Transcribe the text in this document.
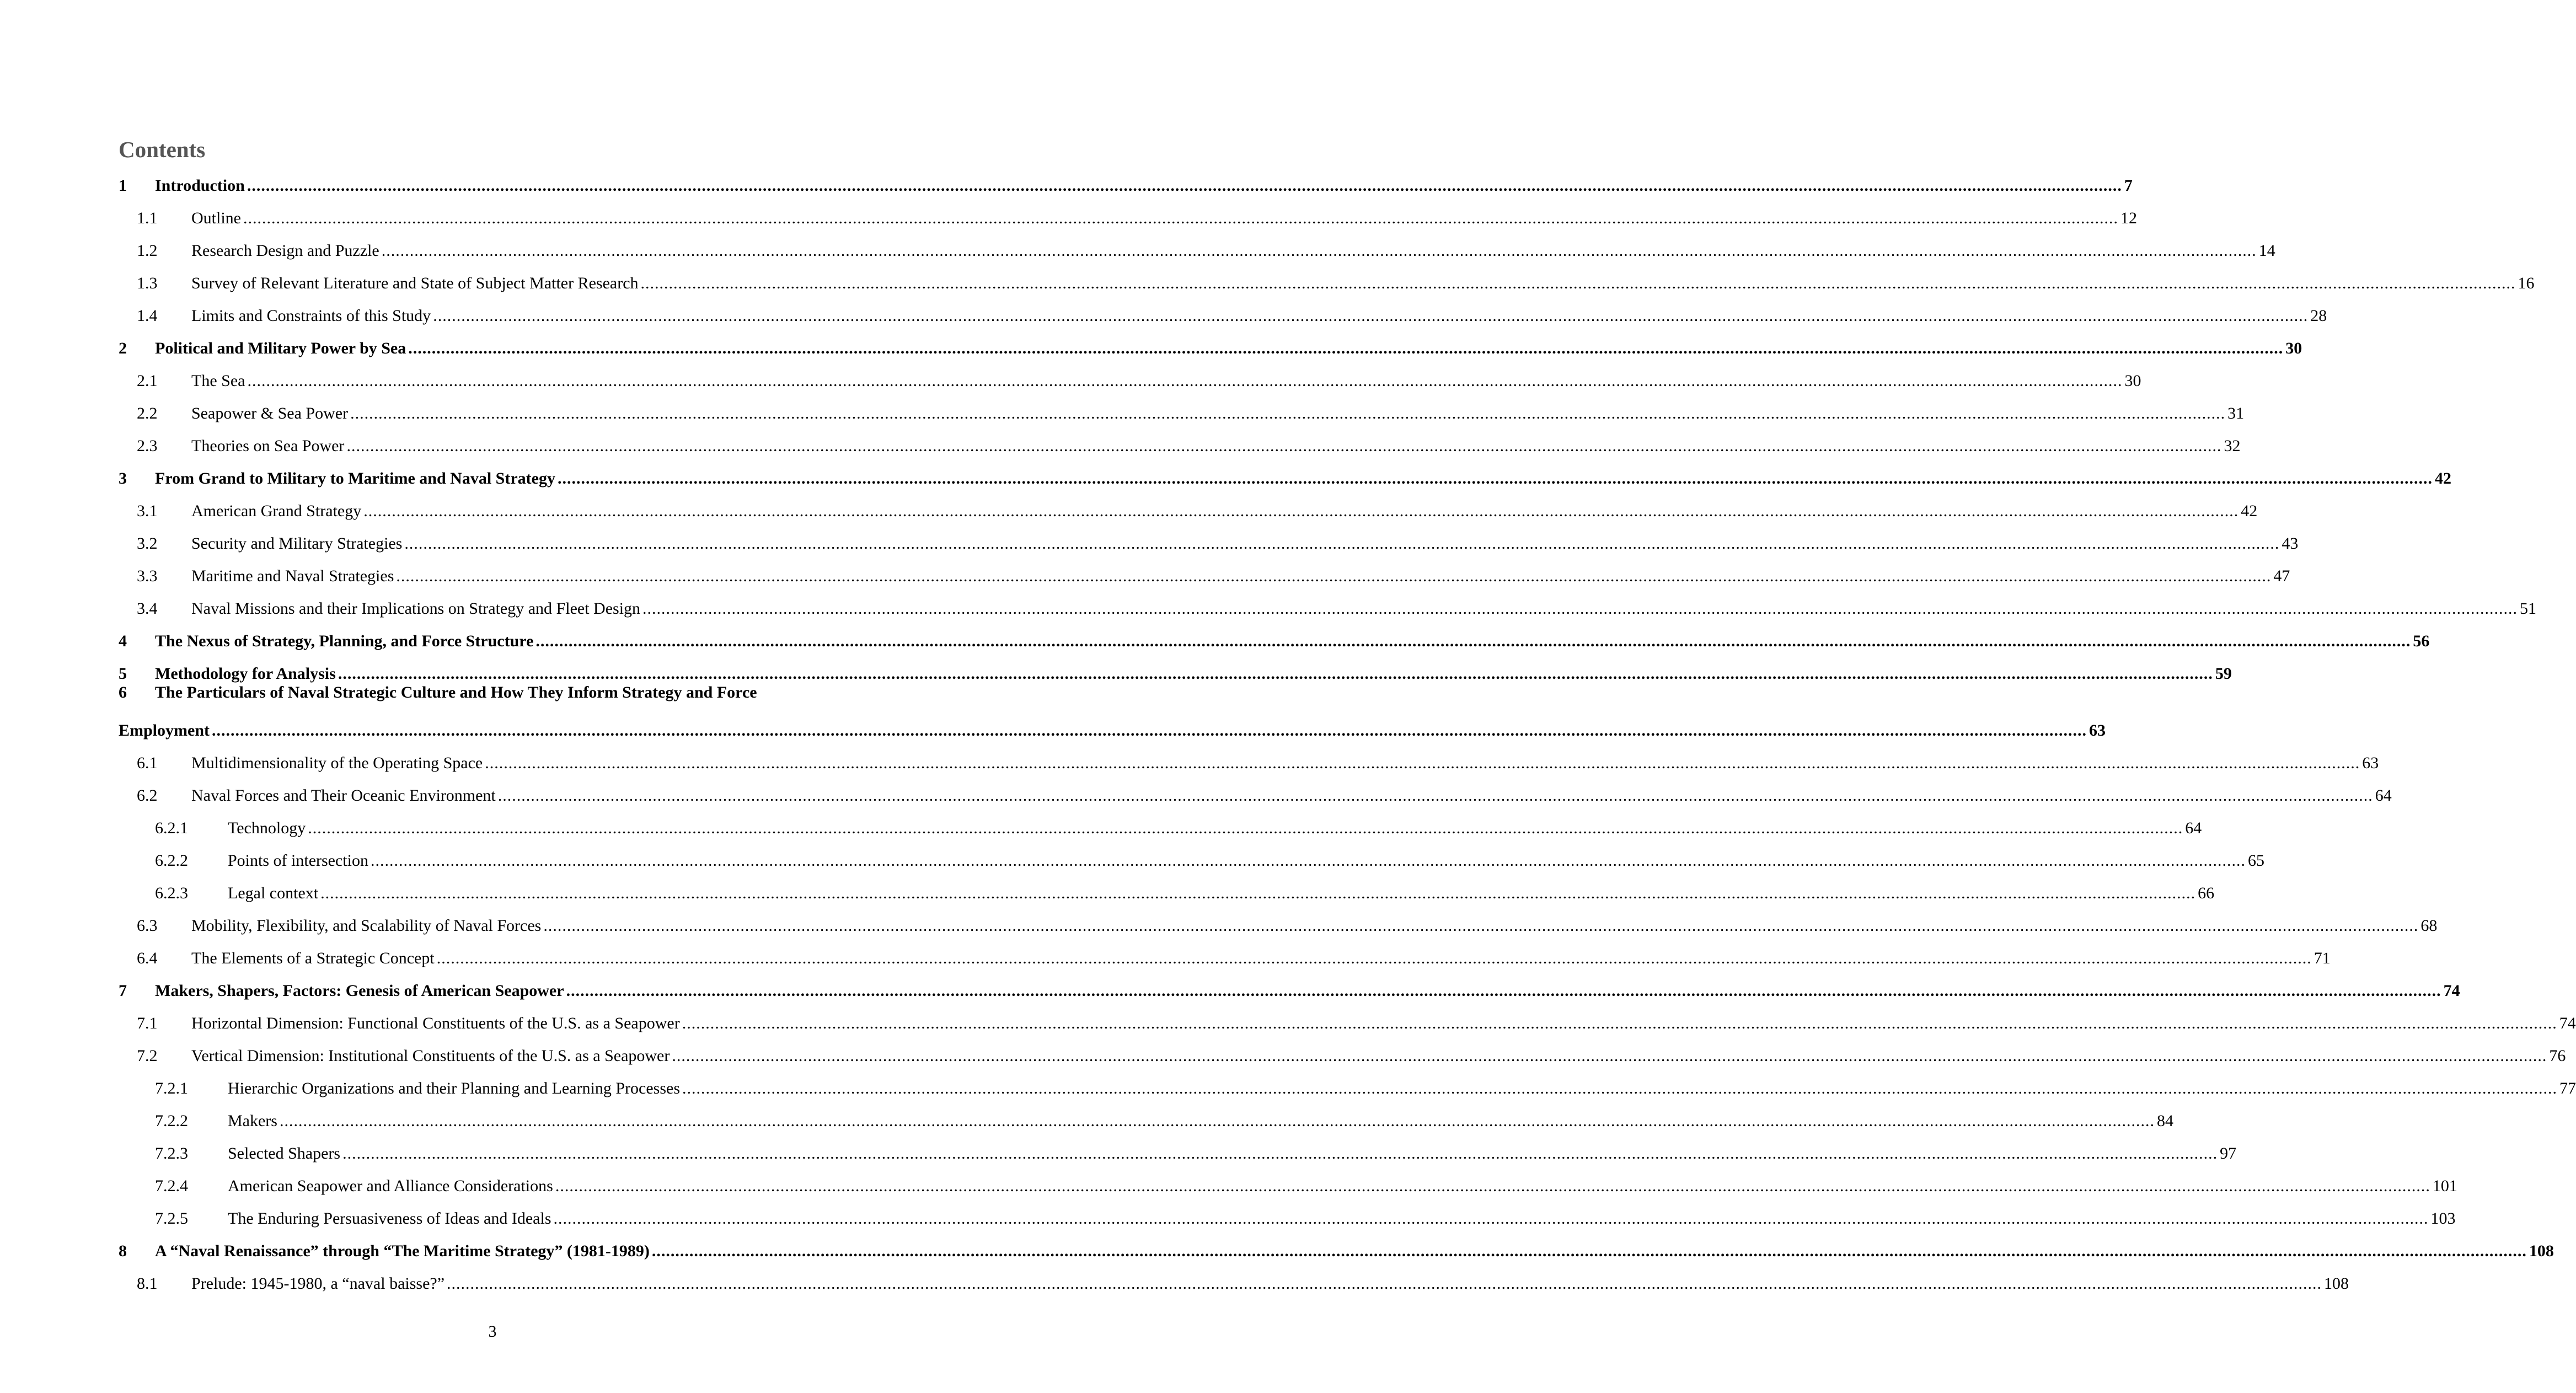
Contents
1	Introduction ................................................................................................................................................................................................................................................................................................................................................................................................................ 7
1.1	Outline ................................................................................................................................................................................................................................................................................................................................................................................................................ 12
1.2	Research Design and Puzzle ................................................................................................................................................................................................................................................................................................................................................................................................................ 14
1.3	Survey of Relevant Literature and State of Subject Matter Research ................................................................................................................................................................................................................................................................................................................................................................................................................ 16
1.4	Limits and Constraints of this Study ................................................................................................................................................................................................................................................................................................................................................................................................................ 28
2	Political and Military Power by Sea ................................................................................................................................................................................................................................................................................................................................................................................................................ 30
2.1	The Sea ................................................................................................................................................................................................................................................................................................................................................................................................................ 30
2.2	Seapower & Sea Power ................................................................................................................................................................................................................................................................................................................................................................................................................ 31
2.3	Theories on Sea Power ................................................................................................................................................................................................................................................................................................................................................................................................................ 32
3	From Grand to Military to Maritime and Naval Strategy ................................................................................................................................................................................................................................................................................................................................................................................................................ 42
3.1	American Grand Strategy ................................................................................................................................................................................................................................................................................................................................................................................................................ 42
3.2	Security and Military Strategies ................................................................................................................................................................................................................................................................................................................................................................................................................ 43
3.3	Maritime and Naval Strategies ................................................................................................................................................................................................................................................................................................................................................................................................................ 47
3.4	Naval Missions and their Implications on Strategy and Fleet Design ................................................................................................................................................................................................................................................................................................................................................................................................................ 51
4	The Nexus of Strategy, Planning, and Force Structure ................................................................................................................................................................................................................................................................................................................................................................................................................ 56
5	Methodology for Analysis ................................................................................................................................................................................................................................................................................................................................................................................................................ 59
6 The Particulars of Naval Strategic Culture and How They Inform Strategy and Force
Employment ................................................................................................................................................................................................................................................................................................................................................................................................................ 63
6.1	Multidimensionality of the Operating Space ................................................................................................................................................................................................................................................................................................................................................................................................................ 63
6.2	Naval Forces and Their Oceanic Environment ................................................................................................................................................................................................................................................................................................................................................................................................................ 64
6.2.1	Technology ................................................................................................................................................................................................................................................................................................................................................................................................................ 64
6.2.2	Points of intersection ................................................................................................................................................................................................................................................................................................................................................................................................................ 65
6.2.3	Legal context ................................................................................................................................................................................................................................................................................................................................................................................................................ 66
6.3	Mobility, Flexibility, and Scalability of Naval Forces ................................................................................................................................................................................................................................................................................................................................................................................................................ 68
6.4	The Elements of a Strategic Concept ................................................................................................................................................................................................................................................................................................................................................................................................................ 71
7	Makers, Shapers, Factors: Genesis of American Seapower ................................................................................................................................................................................................................................................................................................................................................................................................................ 74
7.1	Horizontal Dimension: Functional Constituents of the U.S. as a Seapower ................................................................................................................................................................................................................................................................................................................................................................................................................ 74
7.2	Vertical Dimension: Institutional Constituents of the U.S. as a Seapower ................................................................................................................................................................................................................................................................................................................................................................................................................ 76
7.2.1	Hierarchic Organizations and their Planning and Learning Processes ................................................................................................................................................................................................................................................................................................................................................................................................................ 77
7.2.2	Makers ................................................................................................................................................................................................................................................................................................................................................................................................................ 84
7.2.3	Selected Shapers ................................................................................................................................................................................................................................................................................................................................................................................................................ 97
7.2.4	American Seapower and Alliance Considerations ................................................................................................................................................................................................................................................................................................................................................................................................................ 101
7.2.5	The Enduring Persuasiveness of Ideas and Ideals ................................................................................................................................................................................................................................................................................................................................................................................................................ 103
8	A “Naval Renaissance” through “The Maritime Strategy” (1981-1989) ................................................................................................................................................................................................................................................................................................................................................................................................................ 108
8.1	Prelude: 1945-1980, a “naval baisse?” ................................................................................................................................................................................................................................................................................................................................................................................................................ 108
3
